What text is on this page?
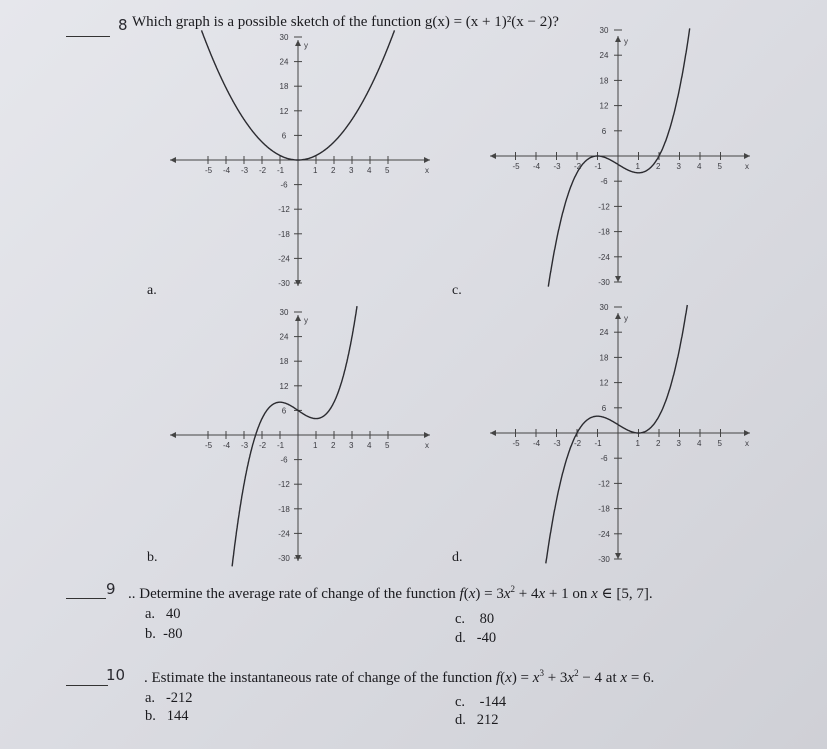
8 Which graph is a possible sketch of the function g(x) = (x + 1)²(x − 2)?
-5 -4 -3 -2 -1	1 2 3 4 5	x
y
30
24
18
12
6
-6
-12
-18
-24
-30
a.
-5 -4 -3 -2 -1	1 2 3 4 5	x
y
30
24
18
12
6
-6
-12
-18
-24
-30
c.
-5 -4 -3 -2 -1	1 2 3 4 5	x
y
30
24
18
12
6
-6
-12
-18
-24
-30
b.
-5 -4 -3 -2 -1	1 2 3 4 5	x
y
30
24
18
12
6
-6
-12
-18
-24
-30
d.
9 .. Determine the average rate of change of the function $f(x) = 3x^2 + 4x + 1$ on x ∈ [5, 7].
a. 40
b. -80
c. 80
d. -40
10 . Estimate the instantaneous rate of change of the function $f(x) = x^3 + 3x^2 - 4$ at x = 6.
a. -212
b. 144
c. -144
d. 212
